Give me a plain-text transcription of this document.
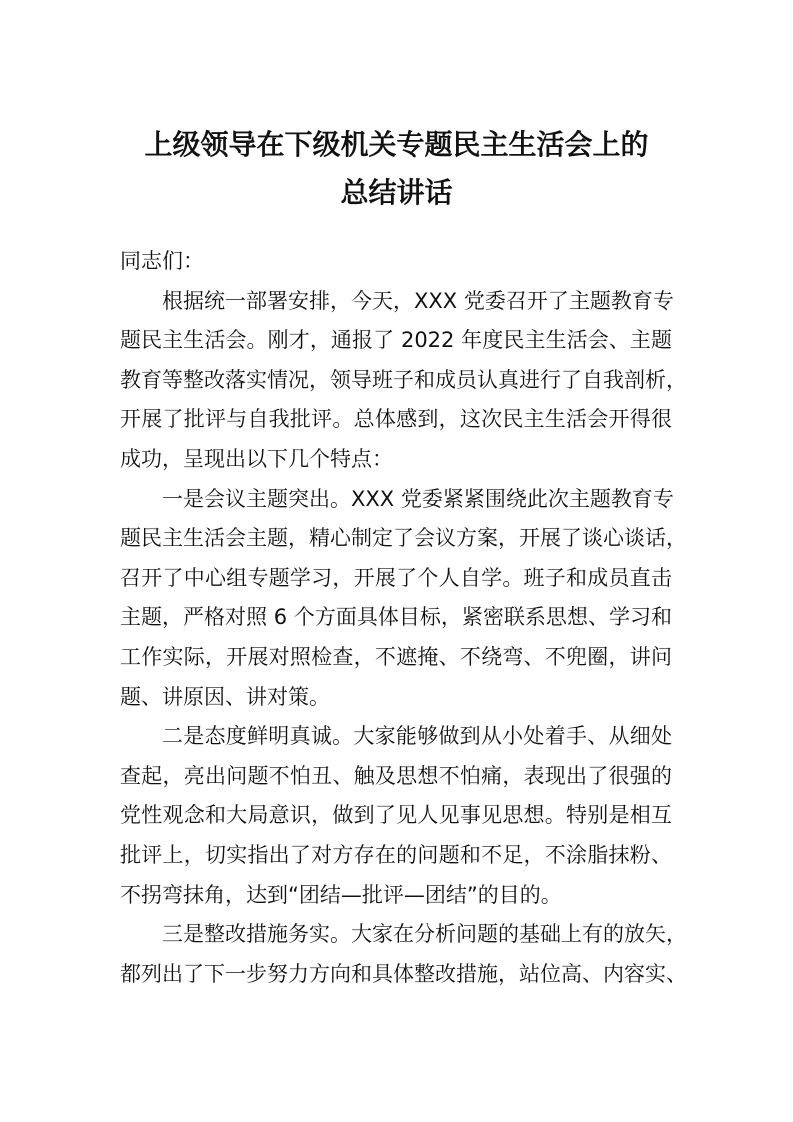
上级领导在下级机关专题民主生活会上的
总结讲话
同志们：
根据统一部署安排，今天，XXX 党委召开了主题教育专
题民主生活会。刚才，通报了 2022 年度民主生活会、主题
教育等整改落实情况，领导班子和成员认真进行了自我剖析，
开展了批评与自我批评。总体感到，这次民主生活会开得很
成功，呈现出以下几个特点：
一是会议主题突出。XXX 党委紧紧围绕此次主题教育专
题民主生活会主题，精心制定了会议方案，开展了谈心谈话，
召开了中心组专题学习，开展了个人自学。班子和成员直击
主题，严格对照 6 个方面具体目标，紧密联系思想、学习和
工作实际，开展对照检查，不遮掩、不绕弯、不兜圈，讲问
题、讲原因、讲对策。
二是态度鲜明真诚。大家能够做到从小处着手、从细处
查起，亮出问题不怕丑、触及思想不怕痛，表现出了很强的
党性观念和大局意识，做到了见人见事见思想。特别是相互
批评上，切实指出了对方存在的问题和不足，不涂脂抹粉、
不拐弯抹角，达到“团结—批评—团结”的目的。
三是整改措施务实。大家在分析问题的基础上有的放矢，
都列出了下一步努力方向和具体整改措施，站位高、内容实、
